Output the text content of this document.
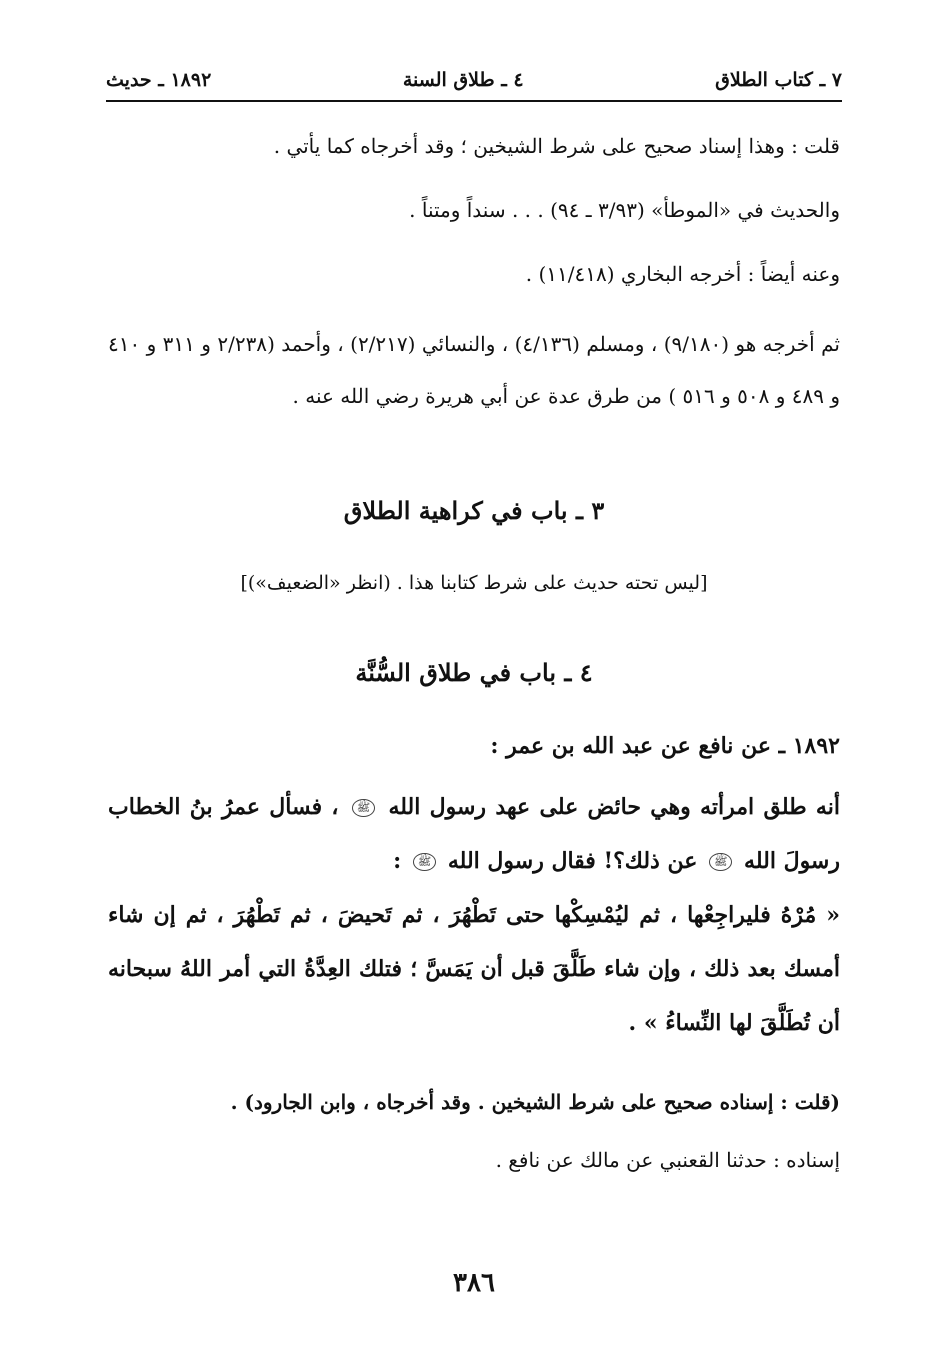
٧ ـ كتاب الطلاق
٤ ـ طلاق السنة
١٨٩٢ ـ حديث

قلت : وهذا إسناد صحيح على شرط الشيخين ؛ وقد أخرجاه كما يأتي .

والحديث في «الموطأ» (٣/٩٣ ـ ٩٤) . . . سنداً ومتناً .

وعنه أيضاً : أخرجه البخاري (١١/٤١٨) .

ثم أخرجه هو (٩/١٨٠) ، ومسلم (٤/١٣٦) ، والنسائي (٢/٢١٧) ، وأحمد (٢/٢٣٨ و ٣١١ و ٤١٠ و ٤٨٩ و ٥٠٨ و ٥١٦ ) من طرق عدة عن أبي هريرة رضي الله عنه .

٣ ـ باب في كراهية الطلاق

[ليس تحته حديث على شرط كتابنا هذا . (انظر «الضعيف»)]

٤ ـ باب في طلاق السُّنَّة

١٨٩٢ ـ عن نافع عن عبد الله بن عمر :

أنه طلق امرأته وهي حائض على عهد رسول الله ﷺ ، فسأل عمرُ بنُ الخطاب رسولَ الله ﷺ عن ذلك؟! فقال رسول الله ﷺ :

« مُرْهُ فليراجِعْها ، ثم ليُمْسِكْها حتى تَطْهُرَ ، ثم تَحيضَ ، ثم تَطْهُرَ ، ثم إن شاء أمسك بعد ذلك ، وإن شاء طَلَّقَ قبل أن يَمَسَّ ؛ فتلك العِدَّةُ التي أمر اللهُ سبحانه أن تُطَلَّقَ لها النِّساءُ » .

(قلت : إسناده صحيح على شرط الشيخين . وقد أخرجاه ، وابن الجارود) .

إسناده : حدثنا القعنبي عن مالك عن نافع .

٣٨٦
